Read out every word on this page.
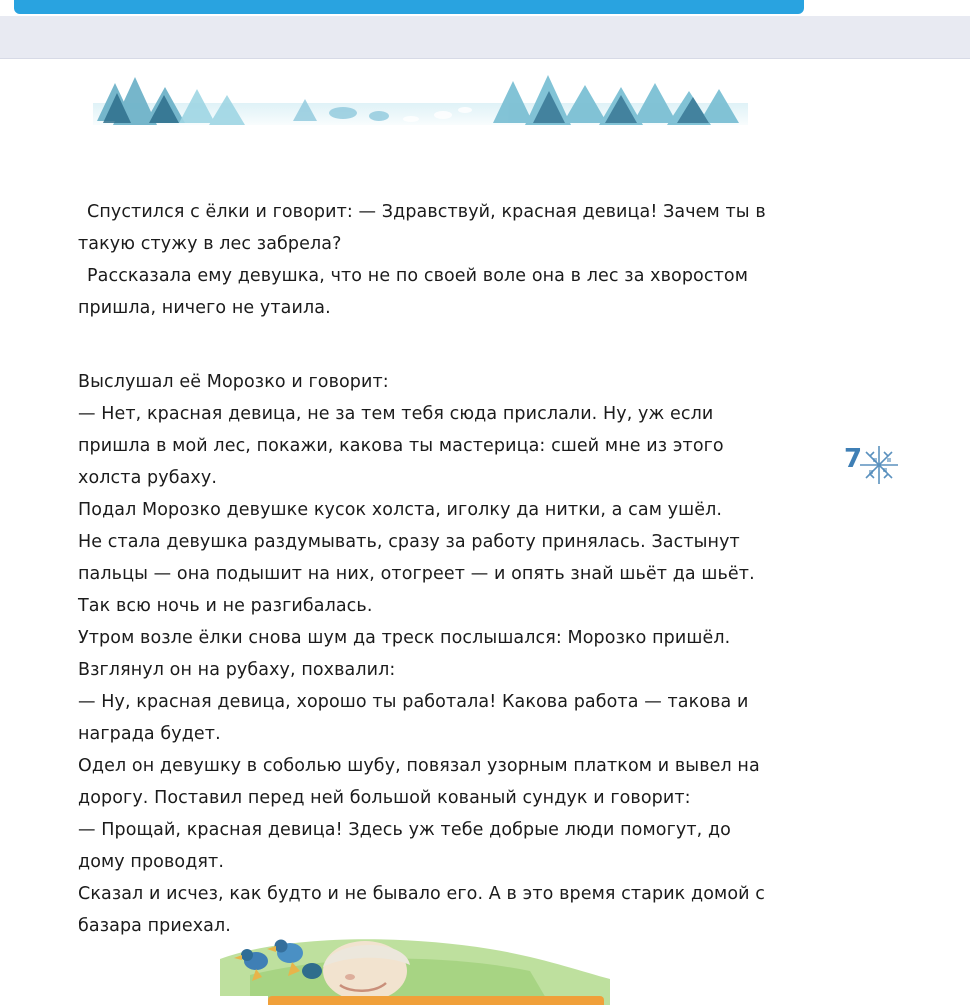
Спустился с ёлки и говорит: — Здравствуй, красная девица! Зачем ты в такую стужу в лес забрела?

Рассказала ему девушка, что не по своей воле она в лес за хворостом пришла, ничего не утаила.

Выслушал её Морозко и говорит:

— Нет, красная девица, не за тем тебя сюда прислали. Ну, уж если пришла в мой лес, покажи, какова ты мастерица: сшей мне из этого холста рубаху.

Подал Морозко девушке кусок холста, иголку да нитки, а сам ушёл.

Не стала девушка раздумывать, сразу за работу принялась. Застынут пальцы — она подышит на них, отогреет — и опять знай шьёт да шьёт. Так всю ночь и не разгибалась.

Утром возле ёлки снова шум да треск послышался: Морозко пришёл. Взглянул он на рубаху, похвалил:

— Ну, красная девица, хорошо ты работала! Какова работа — такова и награда будет.

Одел он девушку в соболью шубу, повязал узорным платком и вывел на дорогу. Поставил перед ней большой кованый сундук и говорит:

— Прощай, красная девица! Здесь уж тебе добрые люди помогут, до дому проводят.

Сказал и исчез, как будто и не бывало его. А в это время старик домой с базара приехал.

7
